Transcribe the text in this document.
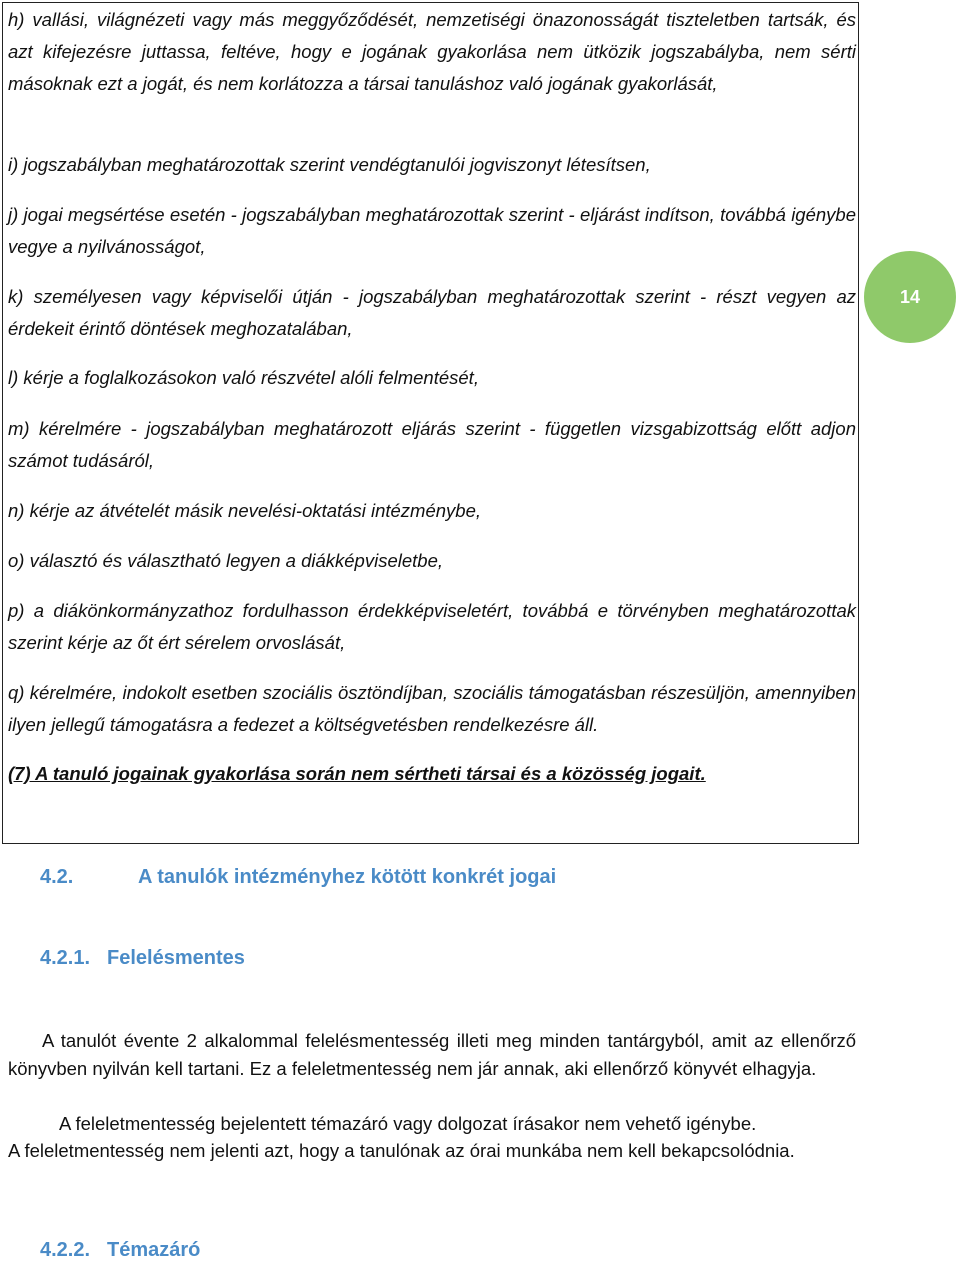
h) vallási, világnézeti vagy más meggyőződését, nemzetiségi önazonosságát tiszteletben tartsák, és azt kifejezésre juttassa, feltéve, hogy e jogának gyakorlása nem ütközik jogszabályba, nem sérti másoknak ezt a jogát, és nem korlátozza a társai tanuláshoz való jogának gyakorlását,
i) jogszabályban meghatározottak szerint vendégtanulói jogviszonyt létesítsen,
j) jogai megsértése esetén - jogszabályban meghatározottak szerint - eljárást indítson, továbbá igénybe vegye a nyilvánosságot,
k) személyesen vagy képviselői útján - jogszabályban meghatározottak szerint - részt vegyen az érdekeit érintő döntések meghozatalában,
l) kérje a foglalkozásokon való részvétel alóli felmentését,
m) kérelmére - jogszabályban meghatározott eljárás szerint - független vizsgabizottság előtt adjon számot tudásáról,
n) kérje az átvételét másik nevelési-oktatási intézménybe,
o) választó és választható legyen a diákképviseletbe,
p) a diákönkormányzathoz fordulhasson érdekképviseletért, továbbá e törvényben meghatározottak szerint kérje az őt ért sérelem orvoslását,
q) kérelmére, indokolt esetben szociális ösztöndíjban, szociális támogatásban részesüljön, amennyiben ilyen jellegű támogatásra a fedezet a költségvetésben rendelkezésre áll.
(7) A tanuló jogainak gyakorlása során nem sértheti társai és a közösség jogait.
14
4.2.	A tanulók intézményhez kötött konkrét jogai
4.2.1. Felelésmentes
A tanulót évente 2 alkalommal felelésmentesség illeti meg minden tantárgyból, amit az ellenőrző könyvben nyilván kell tartani. Ez a feleletmentesség nem jár annak, aki ellenőrző könyvét elhagyja.
A feleletmentesség bejelentett témazáró vagy dolgozat írásakor nem vehető igénybe.
A feleletmentesség nem jelenti azt, hogy a tanulónak az órai munkába nem kell bekapcsolódnia.
4.2.2. Témazáró
